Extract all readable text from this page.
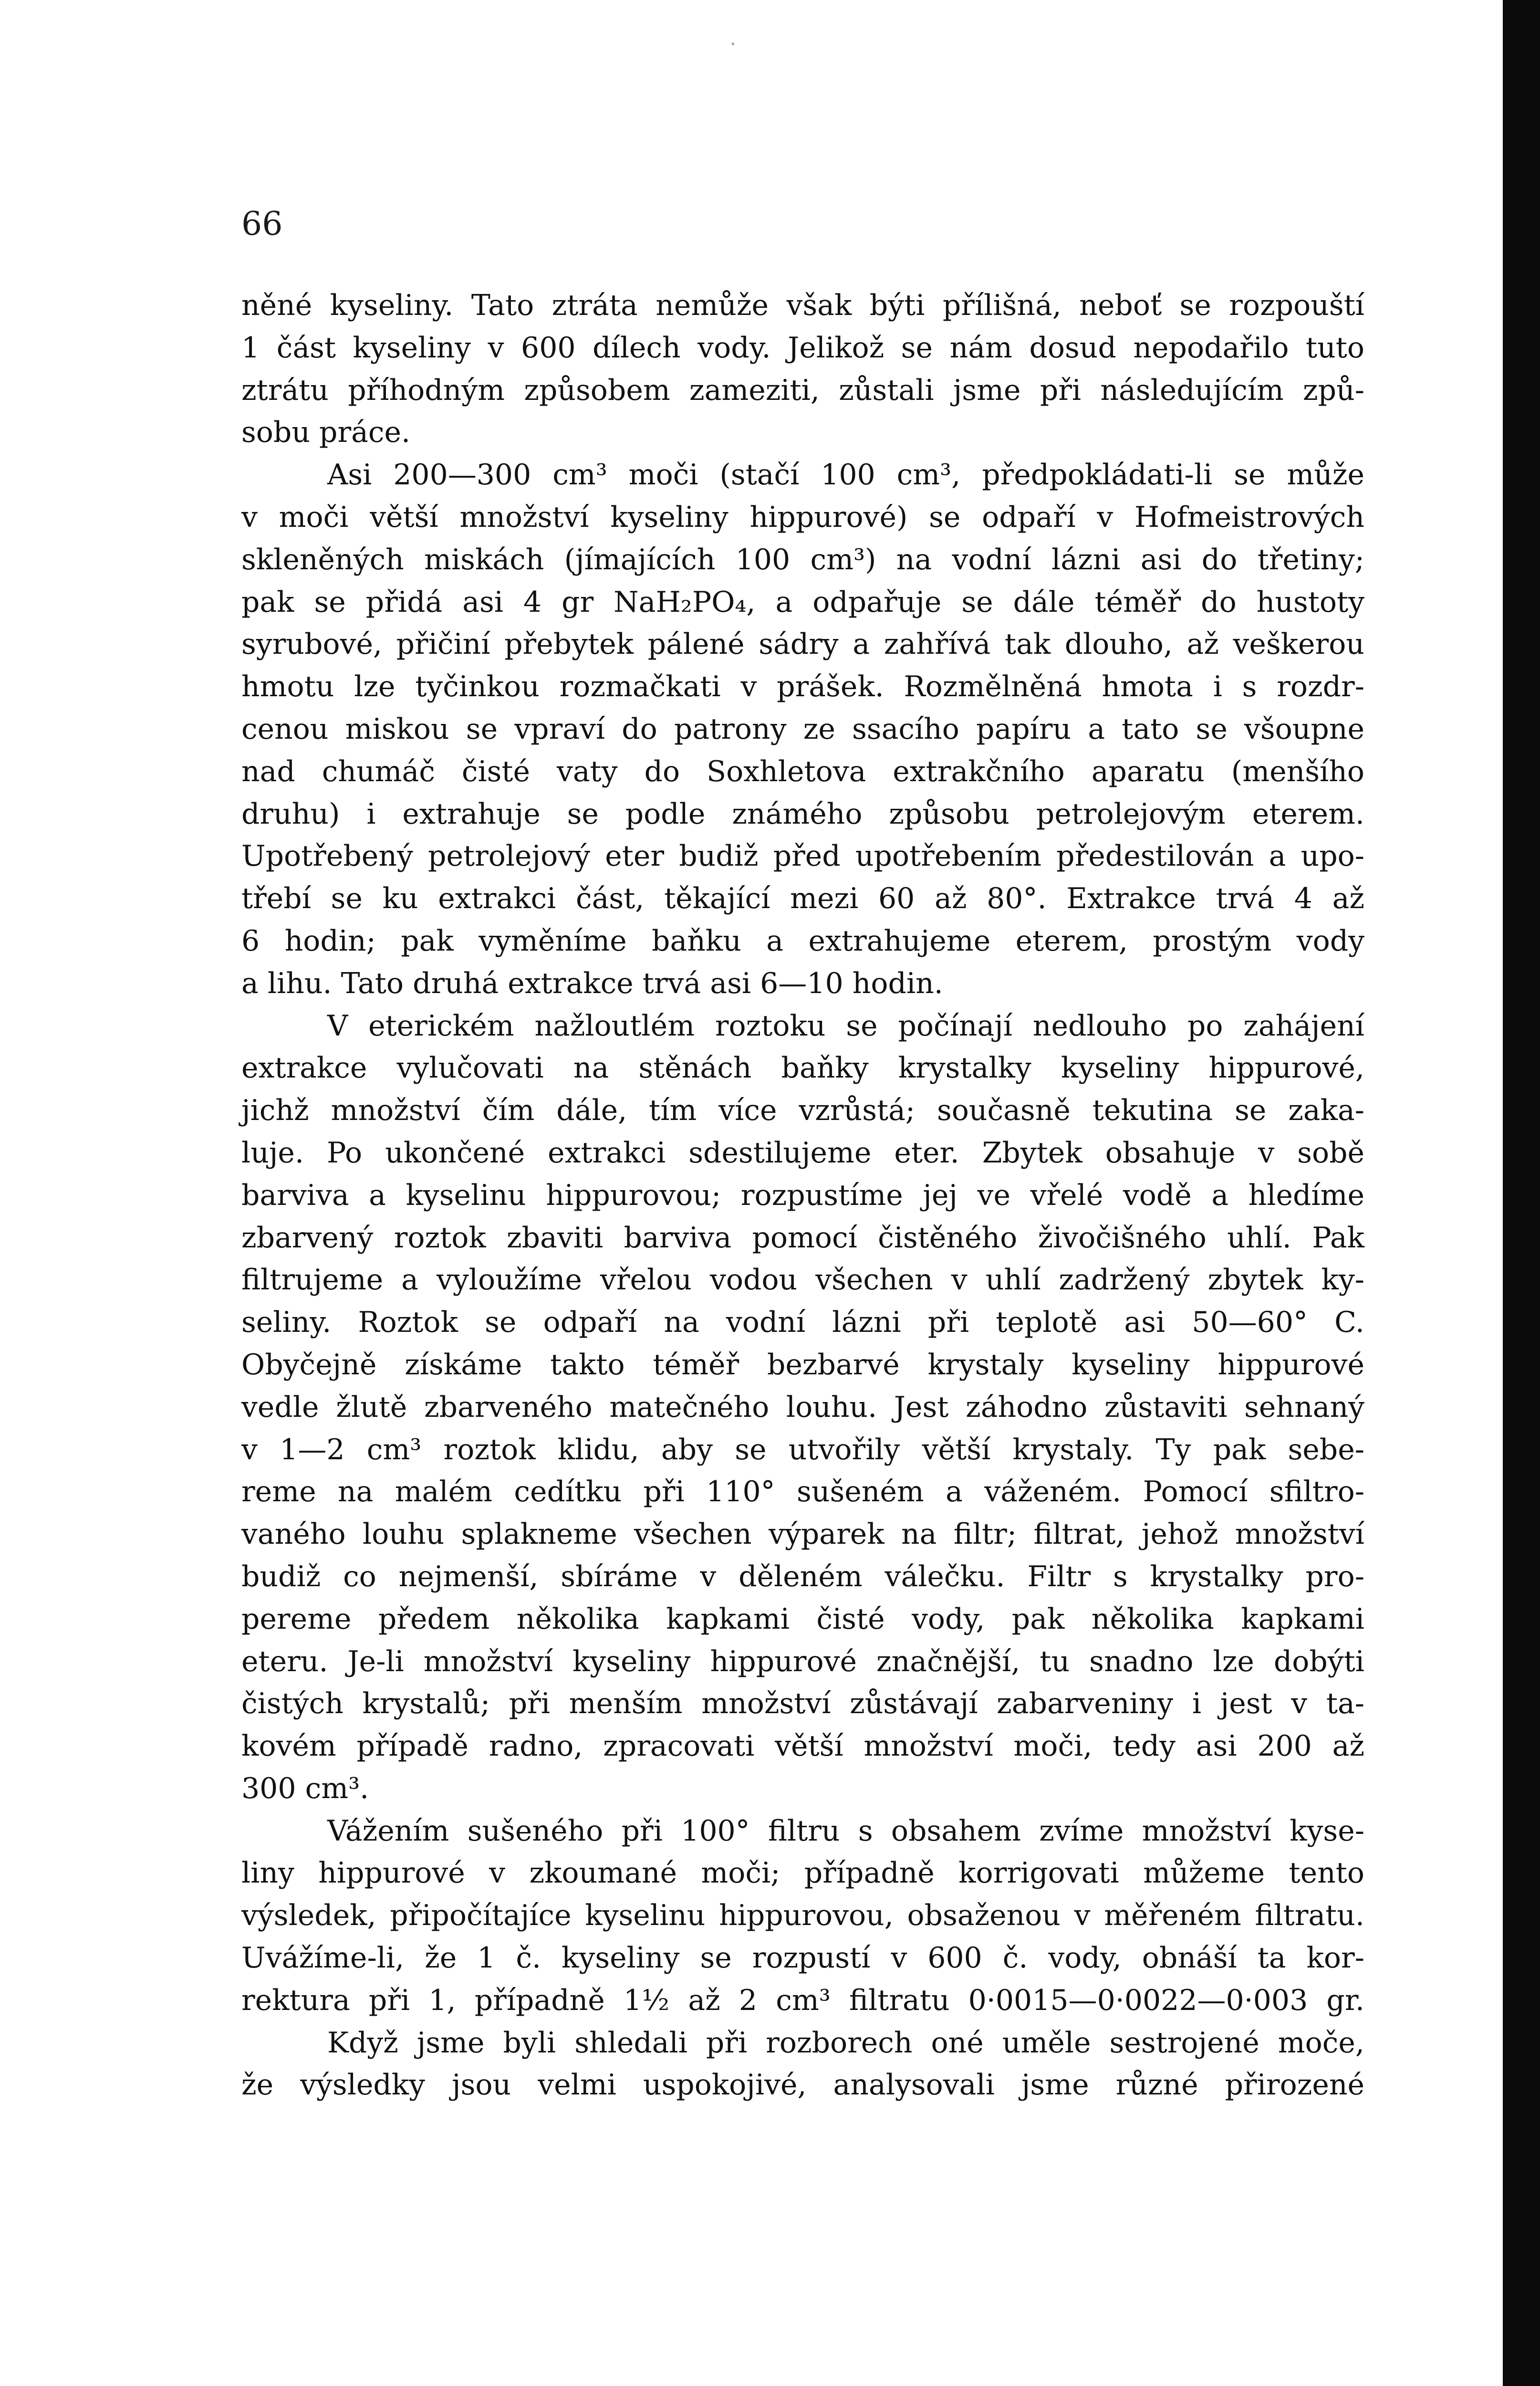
66
něné kyseliny. Tato ztráta nemůže však býti přílišná, neboť se rozpouští
1 část kyseliny v 600 dílech vody. Jelikož se nám dosud nepodařilo tuto
ztrátu příhodným způsobem zameziti, zůstali jsme při následujícím způ-
sobu práce.
Asi 200—300 cm³ moči (stačí 100 cm³, předpokládati-li se může
v moči větší množství kyseliny hippurové) se odpaří v Hofmeistrových
skleněných miskách (jímajících 100 cm³) na vodní lázni asi do třetiny;
pak se přidá asi 4 gr NaH₂PO₄, a odpařuje se dále téměř do hustoty
syrubové, přičiní přebytek pálené sádry a zahřívá tak dlouho, až veškerou
hmotu lze tyčinkou rozmačkati v prášek. Rozmělněná hmota i s rozdr-
cenou miskou se vpraví do patrony ze ssacího papíru a tato se všoupne
nad chumáč čisté vaty do Soxhletova extrakčního aparatu (menšího
druhu) i extrahuje se podle známého způsobu petrolejovým eterem.
Upotřebený petrolejový eter budiž před upotřebením předestilován a upo-
třebí se ku extrakci část, těkající mezi 60 až 80°. Extrakce trvá 4 až
6 hodin; pak vyměníme baňku a extrahujeme eterem, prostým vody
a lihu. Tato druhá extrakce trvá asi 6—10 hodin.
V eterickém nažloutlém roztoku se počínají nedlouho po zahájení
extrakce vylučovati na stěnách baňky krystalky kyseliny hippurové,
jichž množství čím dále, tím více vzrůstá; současně tekutina se zaka-
luje. Po ukončené extrakci sdestilujeme eter. Zbytek obsahuje v sobě
barviva a kyselinu hippurovou; rozpustíme jej ve vřelé vodě a hledíme
zbarvený roztok zbaviti barviva pomocí čistěného živočišného uhlí. Pak
filtrujeme a vyloužíme vřelou vodou všechen v uhlí zadržený zbytek ky-
seliny. Roztok se odpaří na vodní lázni při teplotě asi 50—60° C.
Obyčejně získáme takto téměř bezbarvé krystaly kyseliny hippurové
vedle žlutě zbarveného matečného louhu. Jest záhodno zůstaviti sehnaný
v 1—2 cm³ roztok klidu, aby se utvořily větší krystaly. Ty pak sebe-
reme na malém cedítku při 110° sušeném a váženém. Pomocí sfiltro-
vaného louhu splakneme všechen výparek na filtr; filtrat, jehož množství
budiž co nejmenší, sbíráme v děleném válečku. Filtr s krystalky pro-
pereme předem několika kapkami čisté vody, pak několika kapkami
eteru. Je-li množství kyseliny hippurové značnější, tu snadno lze dobýti
čistých krystalů; při menším množství zůstávají zabarveniny i jest v ta-
kovém případě radno, zpracovati větší množství moči, tedy asi 200 až
300 cm³.
Vážením sušeného při 100° filtru s obsahem zvíme množství kyse-
liny hippurové v zkoumané moči; případně korrigovati můžeme tento
výsledek, připočítajíce kyselinu hippurovou, obsaženou v měřeném filtratu.
Uvážíme-li, že 1 č. kyseliny se rozpustí v 600 č. vody, obnáší ta kor-
rektura při 1, případně 1½ až 2 cm³ filtratu 0·0015—0·0022—0·003 gr.
Když jsme byli shledali při rozborech oné uměle sestrojené moče,
že výsledky jsou velmi uspokojivé, analysovali jsme různé přirozené
·
